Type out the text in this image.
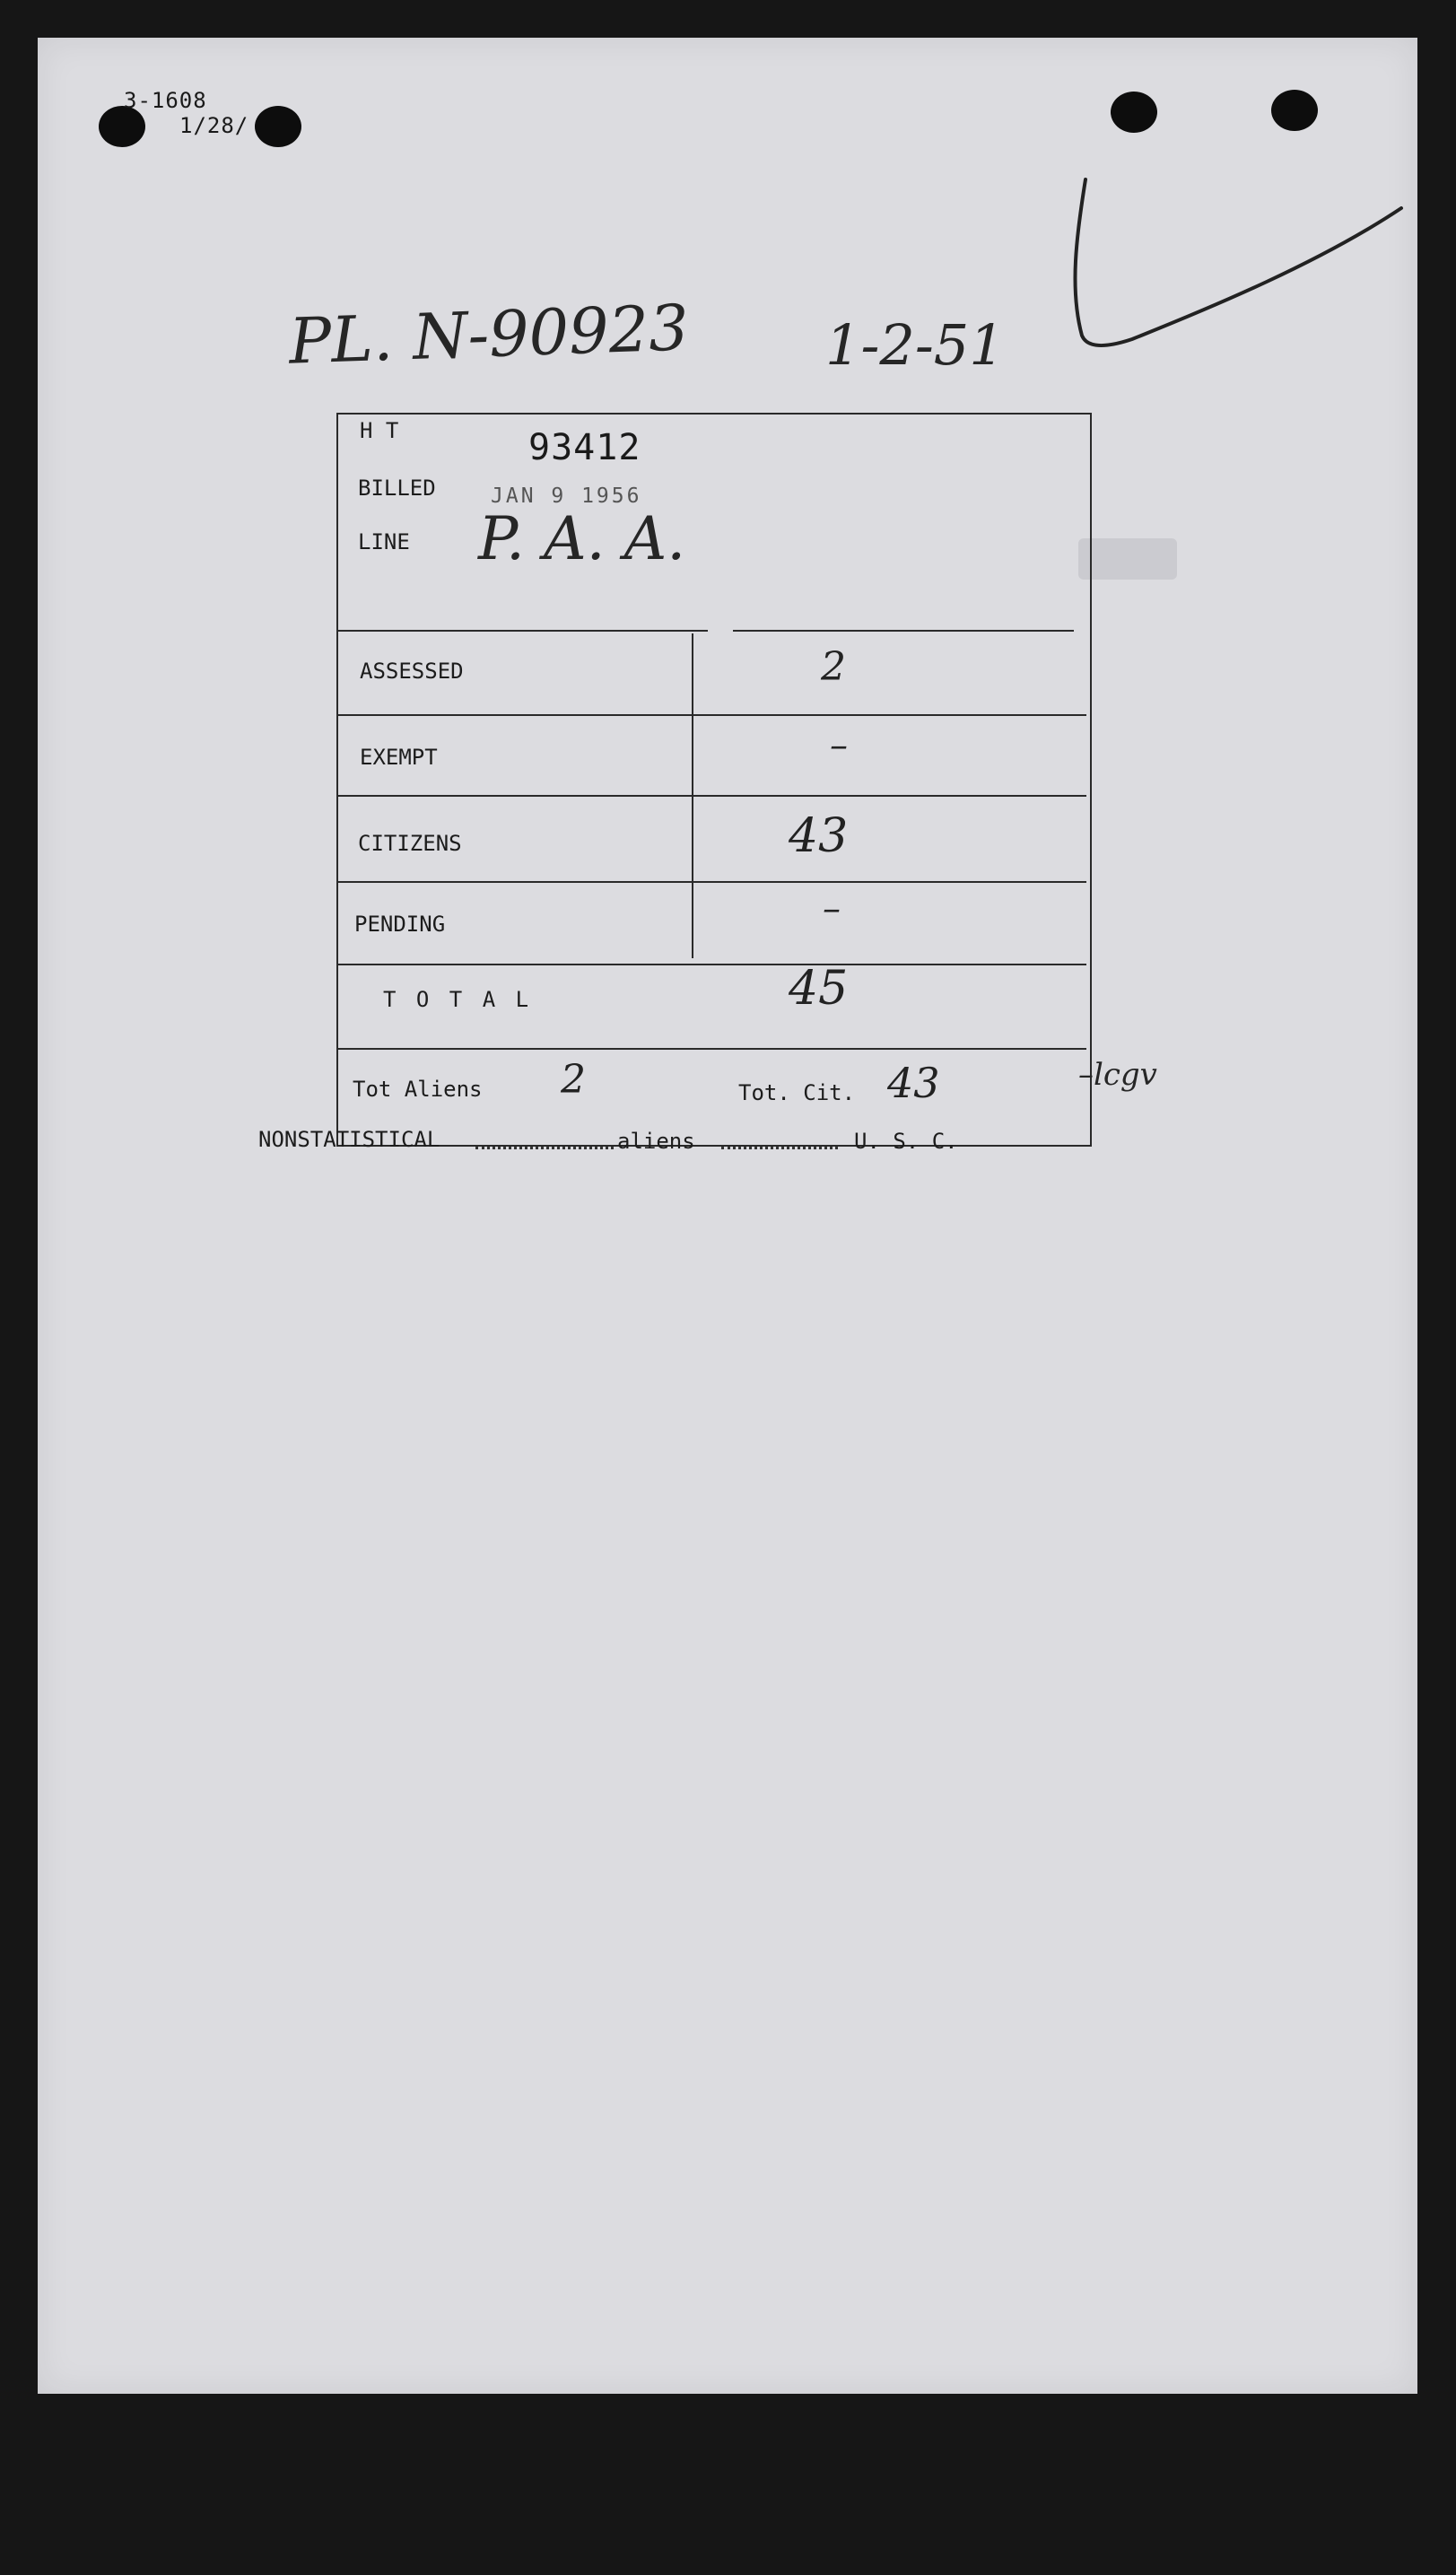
3-1608
1/28/
PL. N-90923 1-2-51
H T	93412
BILLED	JAN 9 1956
LINE P. A. A.
ASSESSED	2
EXEMPT	–
CITIZENS	43
PENDING	–
T O T A L	45
Tot Aliens 2	Tot. Cit. 43	–lcgv
NONSTATISTICAL	aliens	U. S. C.
